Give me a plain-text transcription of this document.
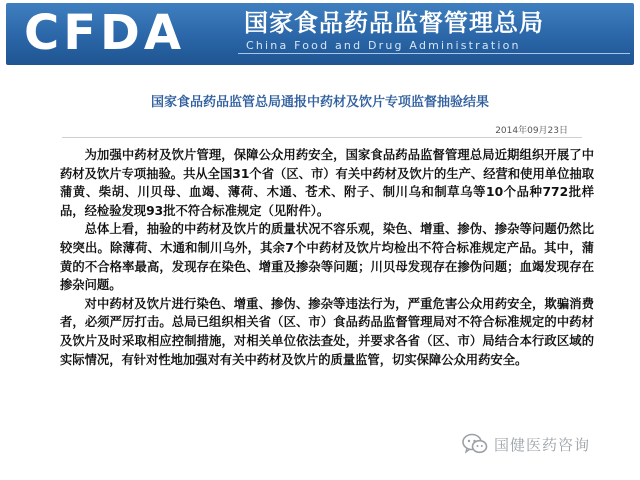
CFDA 国家食品药品监督管理总局
China Food and Drug Administration
国家食品药品监管总局通报中药材及饮片专项监督抽验结果
2014年09月23日

为加强中药材及饮片管理，保障公众用药安全，国家食品药品监督管理总局近期组织开展了中药材及饮片专项抽验。共从全国31个省（区、市）有关中药材及饮片的生产、经营和使用单位抽取蒲黄、柴胡、川贝母、血竭、薄荷、木通、苍术、附子、制川乌和制草乌等10个品种772批样品，经检验发现93批不符合标准规定（见附件）。

总体上看，抽验的中药材及饮片的质量状况不容乐观，染色、增重、掺伪、掺杂等问题仍然比较突出。除薄荷、木通和制川乌外，其余7个中药材及饮片均检出不符合标准规定产品。其中，蒲黄的不合格率最高，发现存在染色、增重及掺杂等问题；川贝母发现存在掺伪问题；血竭发现存在掺杂问题。

对中药材及饮片进行染色、增重、掺伪、掺杂等违法行为，严重危害公众用药安全，欺骗消费者，必须严厉打击。总局已组织相关省（区、市）食品药品监督管理局对不符合标准规定的中药材及饮片及时采取相应控制措施，对相关单位依法查处，并要求各省（区、市）局结合本行政区域的实际情况，有针对性地加强对有关中药材及饮片的质量监管，切实保障公众用药安全。

国健医药咨询
